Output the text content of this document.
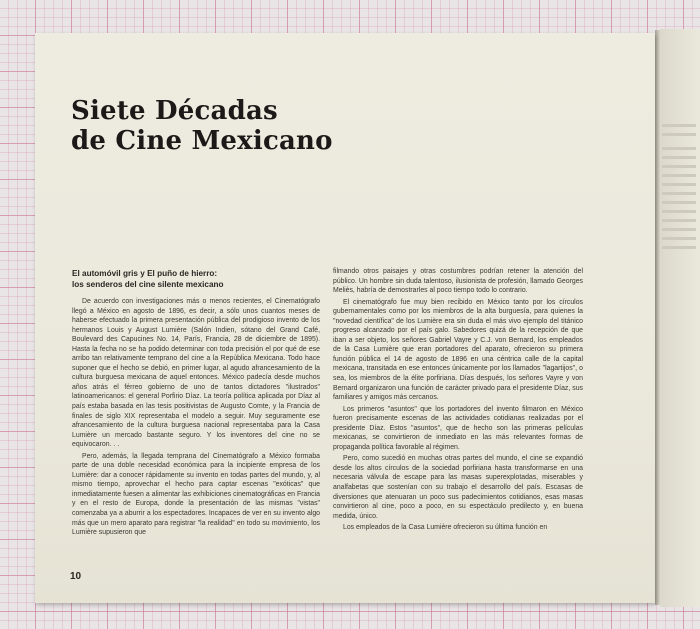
Siete Décadas
de Cine Mexicano
El automóvil gris y El puño de hierro:
los senderos del cine silente mexicano

De acuerdo con investigaciones más o menos recientes, el Cinematógrafo llegó a México en agosto de 1896, es decir, a sólo unos cuantos meses de haberse efectuado la primera presentación pública del prodigioso invento de los hermanos Louis y August Lumière (Salón Indien, sótano del Grand Café, Boulevard des Capucines No. 14, París, Francia, 28 de diciembre de 1895). Hasta la fecha no se ha podido determinar con toda precisión el por qué de ese arribo tan relativamente temprano del cine a la República Mexicana. Todo hace suponer que el hecho se debió, en primer lugar, al agudo afrancesamiento de la cultura burguesa mexicana de aquel entonces. México padecía desde muchos años atrás el férreo gobierno de uno de tantos dictadores "ilustrados" latinoamericanos: el general Porfirio Díaz. La teoría política aplicada por Díaz al país estaba basada en las tesis positivistas de Augusto Comte, y la Francia de finales de siglo XIX representaba el modelo a seguir. Muy seguramente ese afrancesamiento de la cultura burguesa nacional representaba para la Casa Lumière un mercado bastante seguro. Y los inventores del cine no se equivocaron. . .

Pero, además, la llegada temprana del Cinematógrafo a México formaba parte de una doble necesidad económica para la incipiente empresa de los Lumière: dar a conocer rápidamente su invento en todas partes del mundo, y, al mismo tiempo, aprovechar el hecho para captar escenas "exóticas" que inmediatamente fuesen a alimentar las exhibiciones cinematográficas en Francia y en el resto de Europa, donde la presentación de las mismas "vistas" comenzaba ya a aburrir a los espectadores. Incapaces de ver en su invento algo más que un mero aparato para registrar "la realidad" en todo su movimiento, los Lumière supusieron que

filmando otros paisajes y otras costumbres podrían retener la atención del público. Un hombre sin duda talentoso, ilusionista de profesión, llamado Georges Meliès, habría de demostrarles al poco tiempo todo lo contrario.

El cinematógrafo fue muy bien recibido en México tanto por los círculos gubernamentales como por los miembros de la alta burguesía, para quienes la "novedad científica" de los Lumière era sin duda el más vivo ejemplo del titánico progreso alcanzado por el país galo. Sabedores quizá de la recepción de que iban a ser objeto, los señores Gabriel Vayre y C.J. von Bernard, los empleados de la Casa Lumière que eran portadores del aparato, ofrecieron su primera función pública el 14 de agosto de 1896 en una céntrica calle de la capital mexicana, transitada en ese entonces únicamente por los llamados "lagartijos", o sea, los miembros de la élite porfiriana. Días después, los señores Vayre y von Bernard organizaron una función de carácter privado para el presidente Díaz, sus familiares y amigos más cercanos.

Los primeros "asuntos" que los portadores del invento filmaron en México fueron precisamente escenas de las actividades cotidianas realizadas por el presidente Díaz. Estos "asuntos", que de hecho son las primeras películas mexicanas, se convirtieron de inmediato en las más relevantes formas de propaganda política favorable al régimen.

Pero, como sucedió en muchas otras partes del mundo, el cine se expandió desde los altos círculos de la sociedad porfiriana hasta transformarse en una necesaria válvula de escape para las masas superexplotadas, miserables y analfabetas que sostenían con su trabajo el desarrollo del país. Escasas de diversiones que atenuaran un poco sus padecimientos cotidianos, esas masas convirtieron al cine, poco a poco, en su espectáculo predilecto y, en buena medida, único.

Los empleados de la Casa Lumière ofrecieron su última función en

10
